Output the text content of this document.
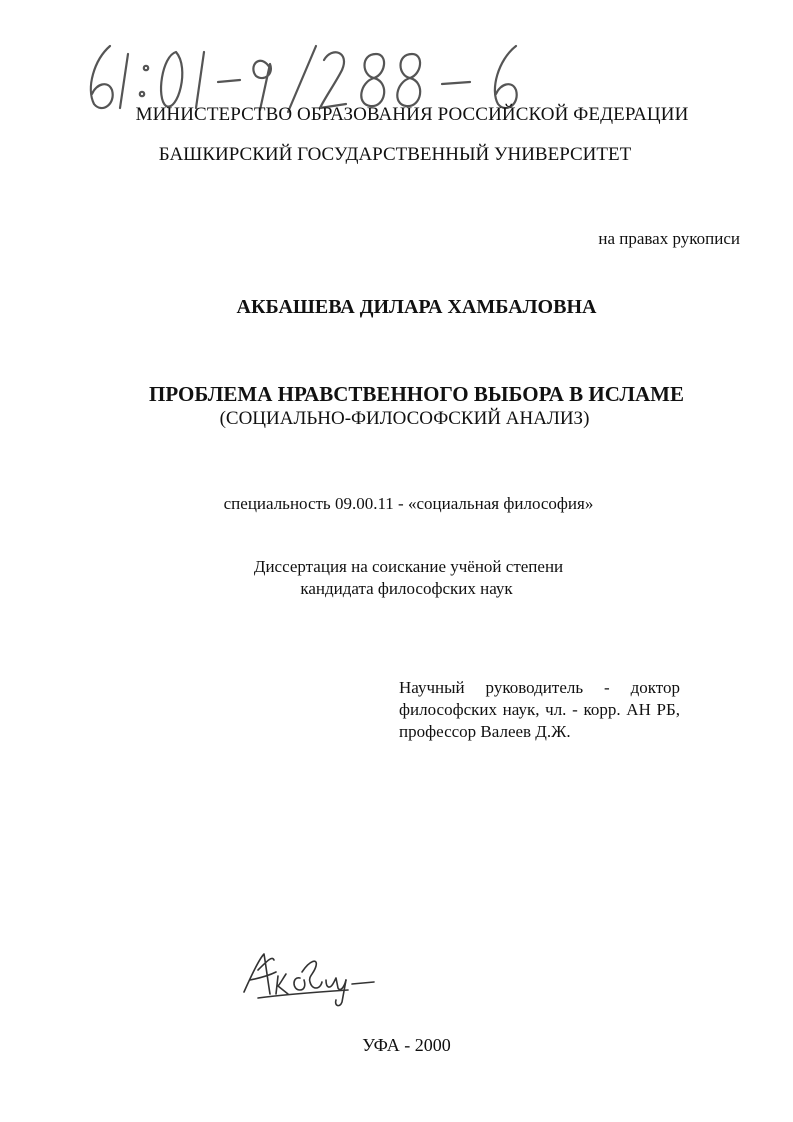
МИНИСТЕРСТВО ОБРАЗОВАНИЯ РОССИЙСКОЙ ФЕДЕРАЦИИ
БАШКИРСКИЙ ГОСУДАРСТВЕННЫЙ УНИВЕРСИТЕТ
на правах рукописи
АКБАШЕВА ДИЛАРА ХАМБАЛОВНА
ПРОБЛЕМА НРАВСТВЕННОГО ВЫБОРА В ИСЛАМЕ
(СОЦИАЛЬНО-ФИЛОСОФСКИЙ АНАЛИЗ)
специальность 09.00.11 - «социальная философия»
Диссертация на соискание учёной степени
кандидата философских наук
Научный руководитель - доктор философских наук, чл. - корр. АН РБ, профессор Валеев Д.Ж.
УФА - 2000
